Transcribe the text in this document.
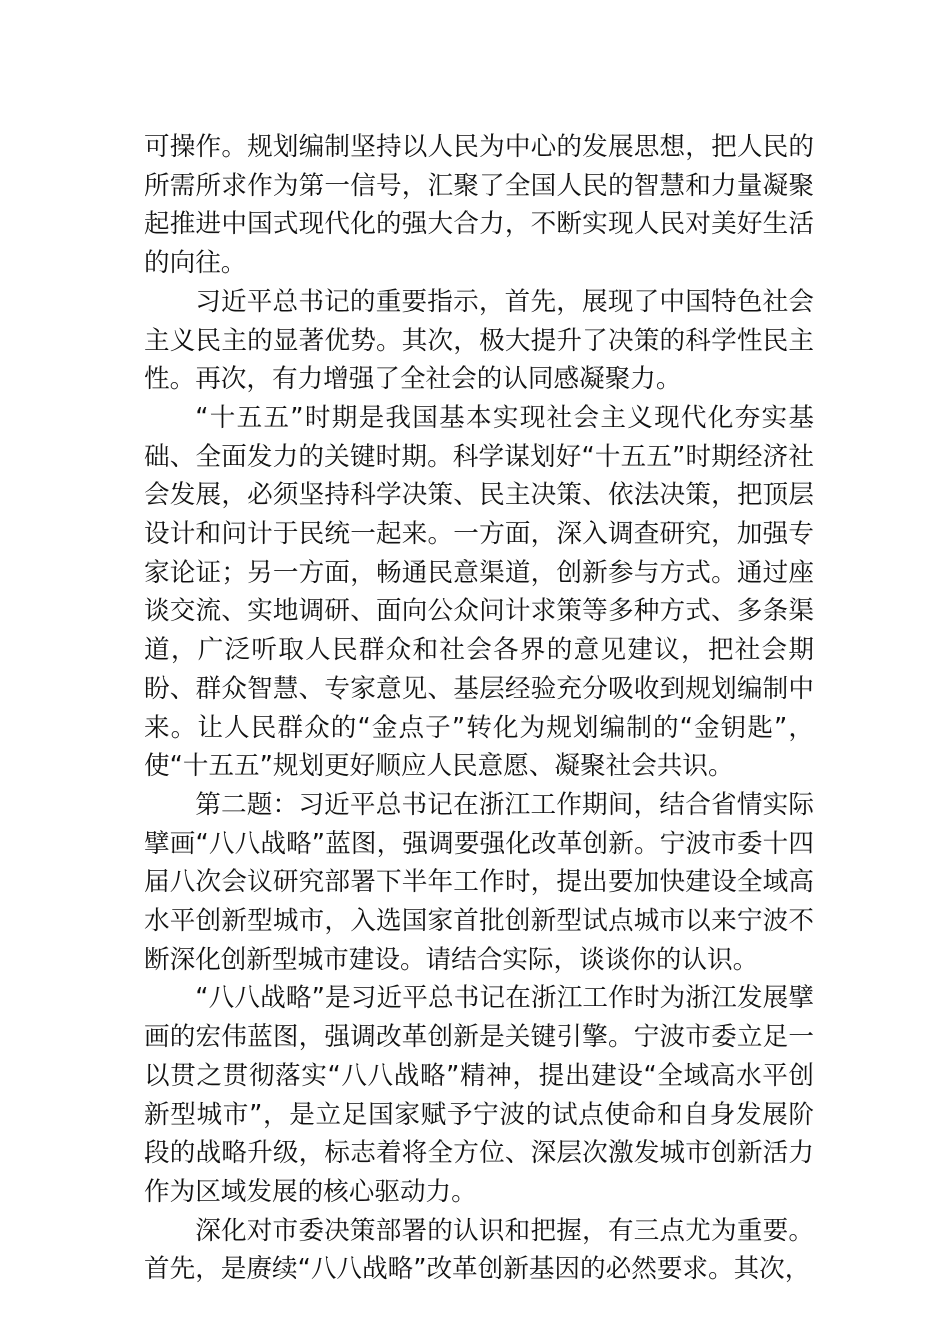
可操作。规划编制坚持以人民为中心的发展思想，把人民的所需所求作为第一信号，汇聚了全国人民的智慧和力量凝聚起推进中国式现代化的强大合力，不断实现人民对美好生活的向往。

习近平总书记的重要指示，首先，展现了中国特色社会主义民主的显著优势。其次，极大提升了决策的科学性民主性。再次，有力增强了全社会的认同感凝聚力。

“十五五”时期是我国基本实现社会主义现代化夯实基础、全面发力的关键时期。科学谋划好“十五五”时期经济社会发展，必须坚持科学决策、民主决策、依法决策，把顶层设计和问计于民统一起来。一方面，深入调查研究，加强专家论证；另一方面，畅通民意渠道，创新参与方式。通过座谈交流、实地调研、面向公众问计求策等多种方式、多条渠道，广泛听取人民群众和社会各界的意见建议，把社会期盼、群众智慧、专家意见、基层经验充分吸收到规划编制中来。让人民群众的“金点子”转化为规划编制的“金钥匙”，使“十五五”规划更好顺应人民意愿、凝聚社会共识。

第二题：习近平总书记在浙江工作期间，结合省情实际擘画“八八战略”蓝图，强调要强化改革创新。宁波市委十四届八次会议研究部署下半年工作时，提出要加快建设全域高水平创新型城市，入选国家首批创新型试点城市以来宁波不断深化创新型城市建设。请结合实际，谈谈你的认识。

“八八战略”是习近平总书记在浙江工作时为浙江发展擘画的宏伟蓝图，强调改革创新是关键引擎。宁波市委立足一以贯之贯彻落实“八八战略”精神，提出建设“全域高水平创新型城市”，是立足国家赋予宁波的试点使命和自身发展阶段的战略升级，标志着将全方位、深层次激发城市创新活力作为区域发展的核心驱动力。

深化对市委决策部署的认识和把握，有三点尤为重要。首先，是赓续“八八战略”改革创新基因的必然要求。其次，
